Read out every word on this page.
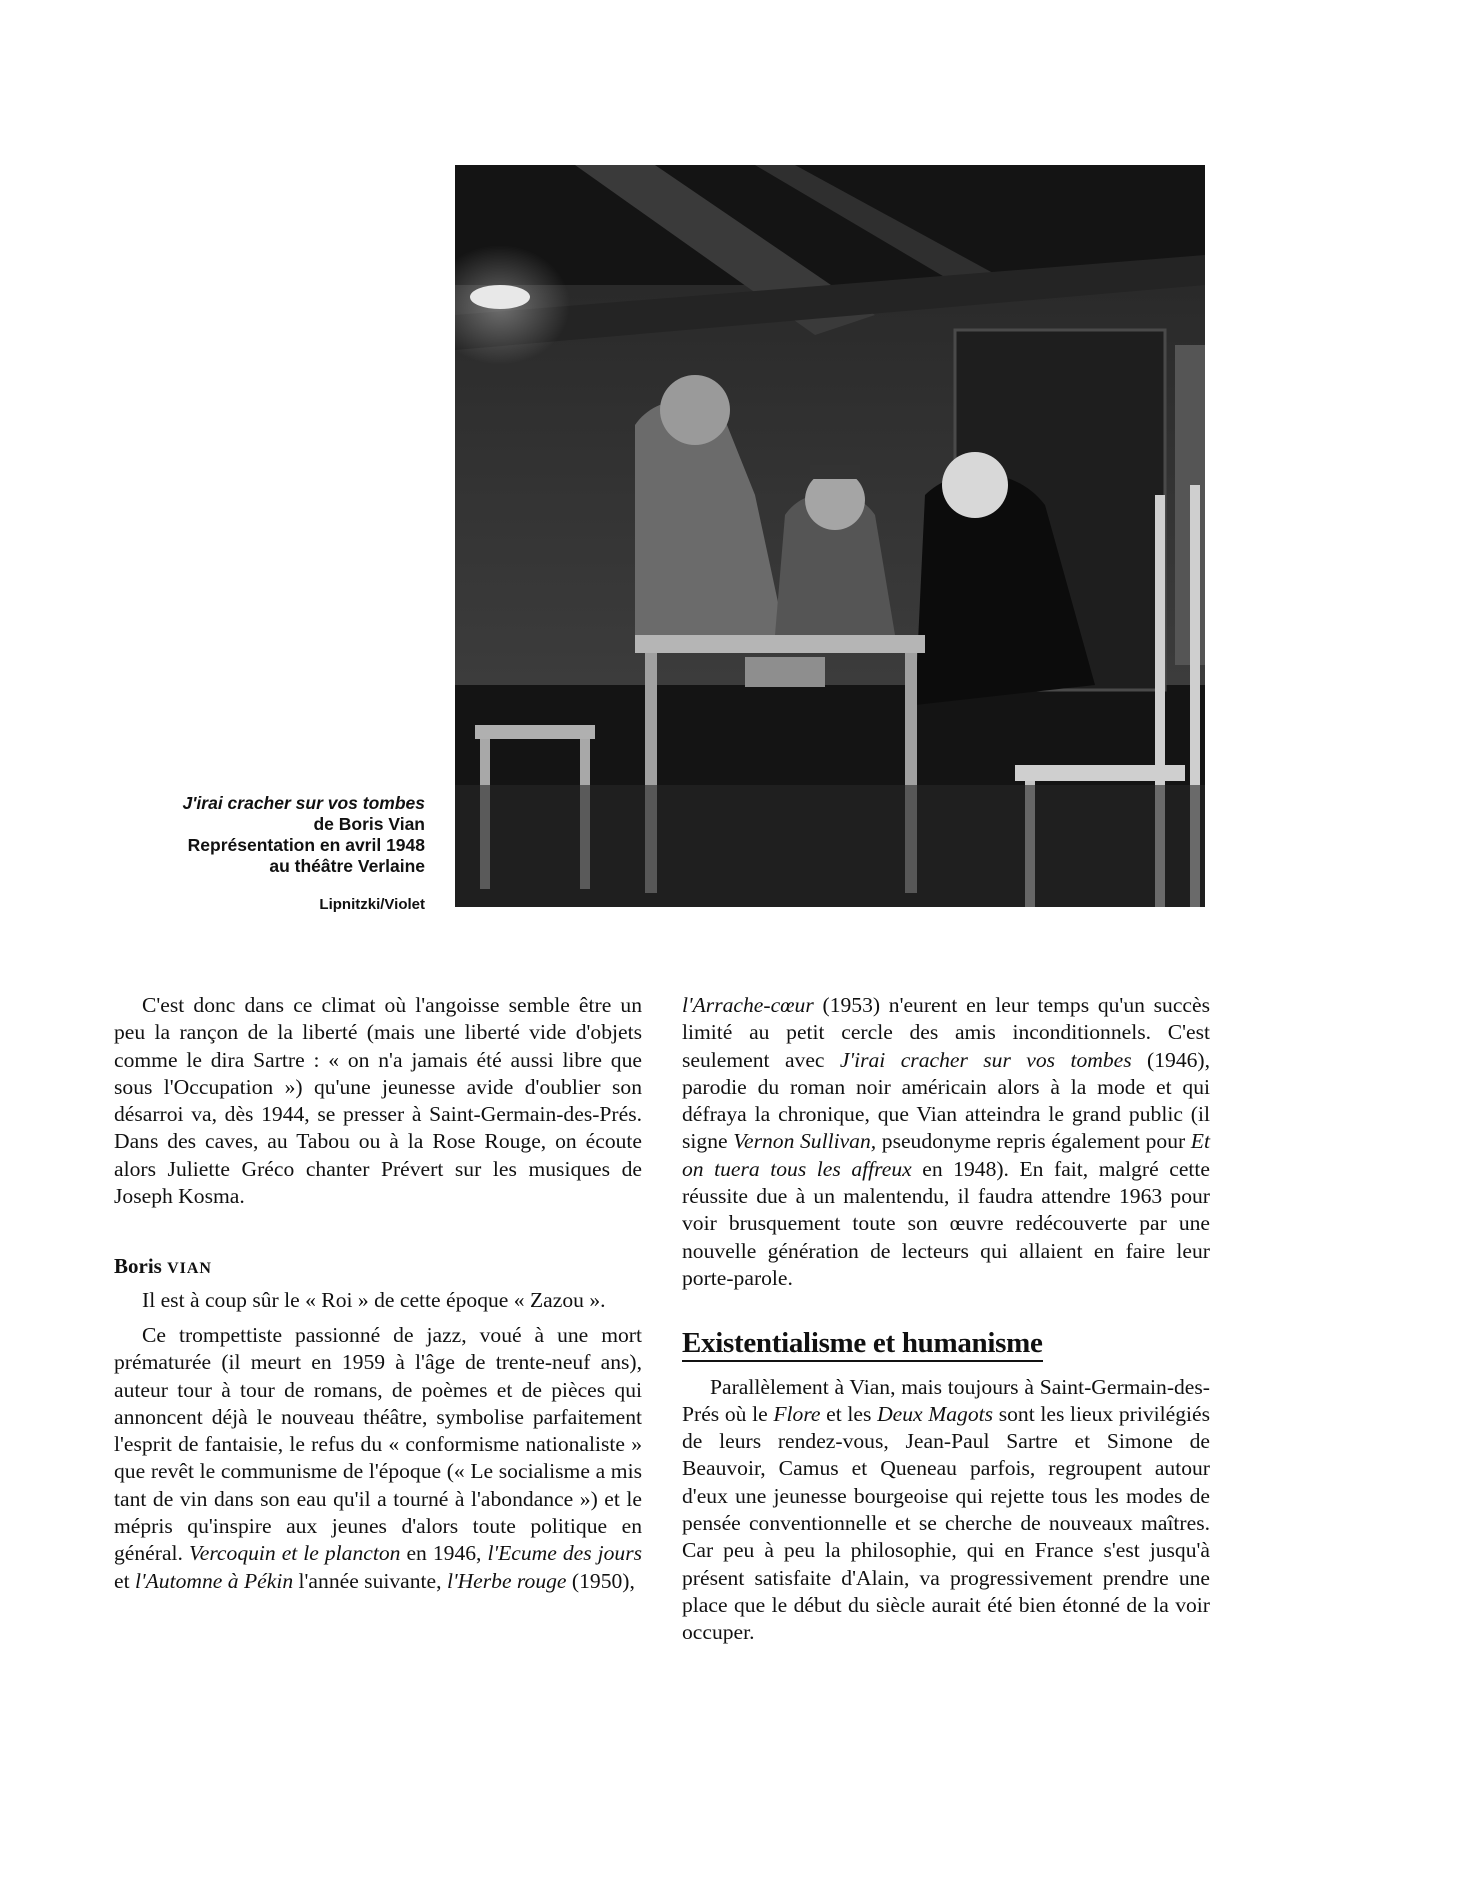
J'irai cracher sur vos tombes
de Boris Vian
Représentation en avril 1948
au théâtre Verlaine
Lipnitzki/Violet

C'est donc dans ce climat où l'angoisse semble être un peu la rançon de la liberté (mais une liberté vide d'objets comme le dira Sartre : « on n'a jamais été aussi libre que sous l'Occupation ») qu'une jeunesse avide d'oublier son désarroi va, dès 1944, se presser à Saint-Germain-des-Prés. Dans des caves, au Tabou ou à la Rose Rouge, on écoute alors Juliette Gréco chanter Prévert sur les musiques de Joseph Kosma.

Boris VIAN

Il est à coup sûr le « Roi » de cette époque « Zazou ».

Ce trompettiste passionné de jazz, voué à une mort prématurée (il meurt en 1959 à l'âge de trente-neuf ans), auteur tour à tour de romans, de poèmes et de pièces qui annoncent déjà le nouveau théâtre, symbolise parfaitement l'esprit de fantaisie, le refus du « conformisme nationaliste » que revêt le communisme de l'époque (« Le socialisme a mis tant de vin dans son eau qu'il a tourné à l'abondance ») et le mépris qu'inspire aux jeunes d'alors toute politique en général. Vercoquin et le plancton en 1946, l'Ecume des jours et l'Automne à Pékin l'année suivante, l'Herbe rouge (1950),

l'Arrache-cœur (1953) n'eurent en leur temps qu'un succès limité au petit cercle des amis inconditionnels. C'est seulement avec J'irai cracher sur vos tombes (1946), parodie du roman noir américain alors à la mode et qui défraya la chronique, que Vian atteindra le grand public (il signe Vernon Sullivan, pseudonyme repris également pour Et on tuera tous les affreux en 1948). En fait, malgré cette réussite due à un malentendu, il faudra attendre 1963 pour voir brusquement toute son œuvre redécouverte par une nouvelle génération de lecteurs qui allaient en faire leur porte-parole.

Existentialisme et humanisme

Parallèlement à Vian, mais toujours à Saint-Germain-des-Prés où le Flore et les Deux Magots sont les lieux privilégiés de leurs rendez-vous, Jean-Paul Sartre et Simone de Beauvoir, Camus et Queneau parfois, regroupent autour d'eux une jeunesse bourgeoise qui rejette tous les modes de pensée conventionnelle et se cherche de nouveaux maîtres. Car peu à peu la philosophie, qui en France s'est jusqu'à présent satisfaite d'Alain, va progressivement prendre une place que le début du siècle aurait été bien étonné de la voir occuper.
